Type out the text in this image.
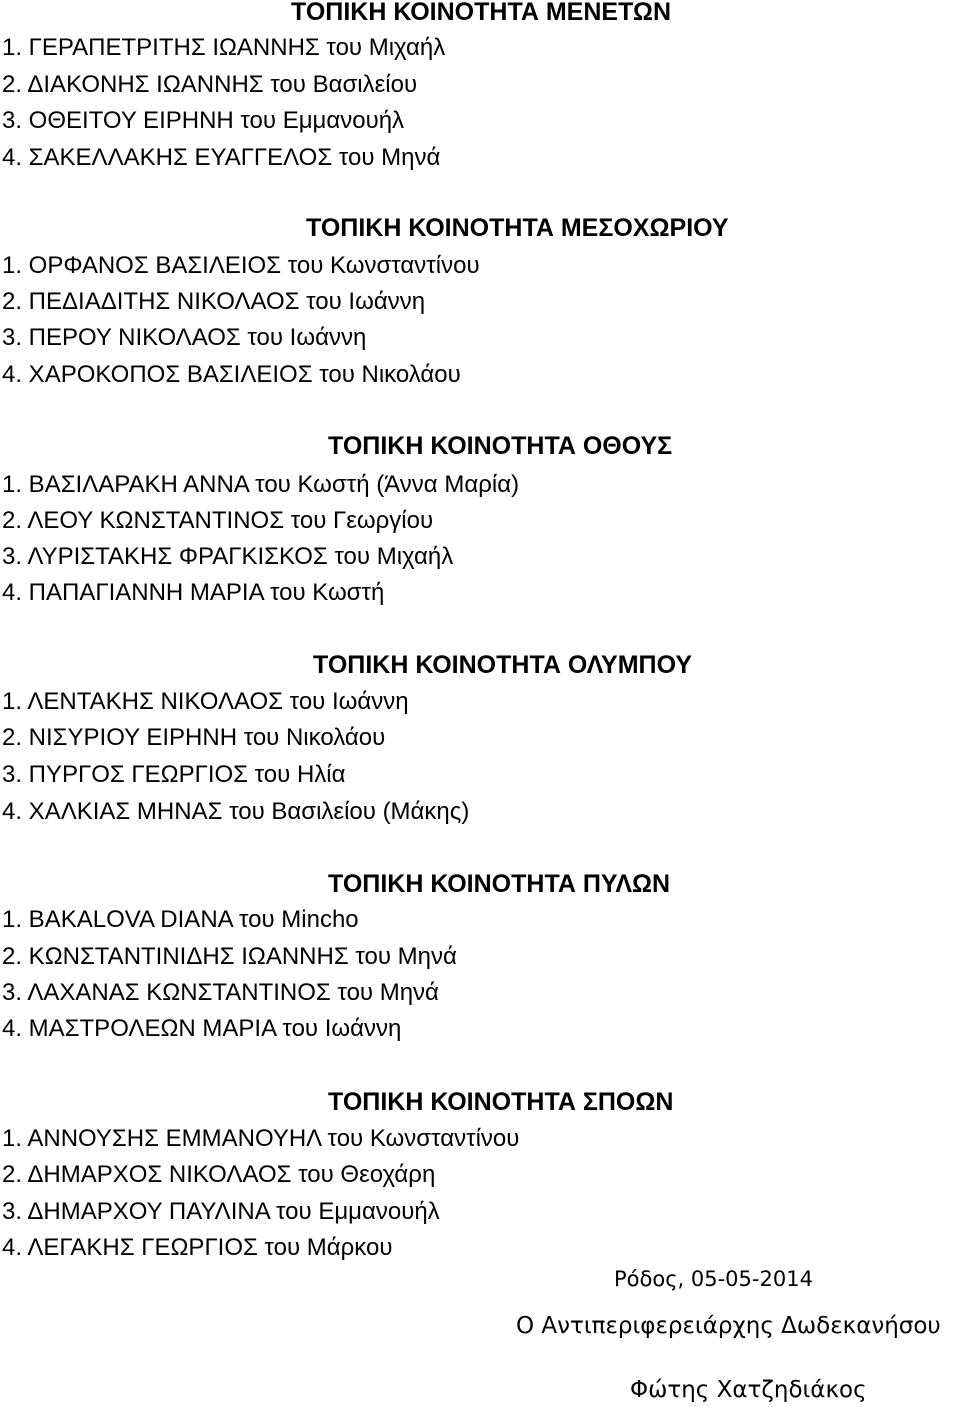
ΤΟΠΙΚΗ ΚΟΙΝΟΤΗΤΑ ΜΕΝΕΤΩΝ
1. ΓΕΡΑΠΕΤΡΙΤΗΣ ΙΩΑΝΝΗΣ του Μιχαήλ
2. ΔΙΑΚΟΝΗΣ ΙΩΑΝΝΗΣ του Βασιλείου
3. ΟΘΕΙΤΟΥ ΕΙΡΗΝΗ του Εμμανουήλ
4. ΣΑΚΕΛΛΑΚΗΣ ΕΥΑΓΓΕΛΟΣ του Μηνά
ΤΟΠΙΚΗ ΚΟΙΝΟΤΗΤΑ ΜΕΣΟΧΩΡΙΟΥ
1. ΟΡΦΑΝΟΣ ΒΑΣΙΛΕΙΟΣ του Κωνσταντίνου
2. ΠΕΔΙΑΔΙΤΗΣ ΝΙΚΟΛΑΟΣ του Ιωάννη
3. ΠΕΡΟΥ ΝΙΚΟΛΑΟΣ του Ιωάννη
4. ΧΑΡΟΚΟΠΟΣ ΒΑΣΙΛΕΙΟΣ του Νικολάου
ΤΟΠΙΚΗ ΚΟΙΝΟΤΗΤΑ ΟΘΟΥΣ
1. ΒΑΣΙΛΑΡΑΚΗ ΑΝΝΑ του Κωστή (Άννα Μαρία)
2. ΛΕΟΥ ΚΩΝΣΤΑΝΤΙΝΟΣ του Γεωργίου
3. ΛΥΡΙΣΤΑΚΗΣ ΦΡΑΓΚΙΣΚΟΣ του Μιχαήλ
4. ΠΑΠΑΓΙΑΝΝΗ ΜΑΡΙΑ του Κωστή
ΤΟΠΙΚΗ ΚΟΙΝΟΤΗΤΑ ΟΛΥΜΠΟΥ
1. ΛΕΝΤΑΚΗΣ ΝΙΚΟΛΑΟΣ του Ιωάννη
2. ΝΙΣΥΡΙΟΥ ΕΙΡΗΝΗ του Νικολάου
3. ΠΥΡΓΟΣ ΓΕΩΡΓΙΟΣ του Ηλία
4. ΧΑΛΚΙΑΣ ΜΗΝΑΣ του Βασιλείου (Μάκης)
ΤΟΠΙΚΗ ΚΟΙΝΟΤΗΤΑ ΠΥΛΩΝ
1. BAKALOVA DIANA του Mincho
2. ΚΩΝΣΤΑΝΤΙΝΙΔΗΣ ΙΩΑΝΝΗΣ του Μηνά
3. ΛΑΧΑΝΑΣ ΚΩΝΣΤΑΝΤΙΝΟΣ του Μηνά
4. ΜΑΣΤΡΟΛΕΩΝ ΜΑΡΙΑ του Ιωάννη
ΤΟΠΙΚΗ ΚΟΙΝΟΤΗΤΑ ΣΠΟΩΝ
1. ΑΝΝΟΥΣΗΣ ΕΜΜΑΝΟΥΗΛ του Κωνσταντίνου
2. ΔΗΜΑΡΧΟΣ ΝΙΚΟΛΑΟΣ του Θεοχάρη
3. ΔΗΜΑΡΧΟΥ ΠΑΥΛΙΝΑ του Εμμανουήλ
4. ΛΕΓΑΚΗΣ ΓΕΩΡΓΙΟΣ του Μάρκου
Ρόδος, 05-05-2014
Ο Αντιπεριφερειάρχης Δωδεκανήσου
Φώτης Χατζηδιάκος
